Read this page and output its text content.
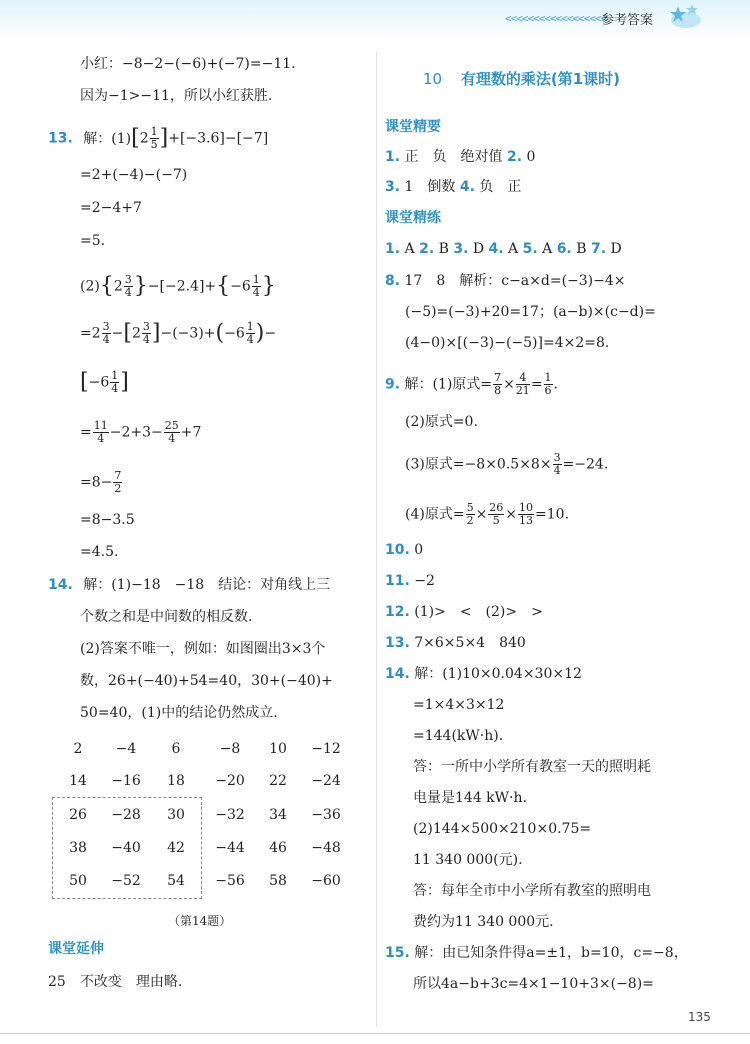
<<<<<<<<<<<<<<<<<<
参考答案
小红：−8−2−(−6)+(−7)=−11.
因为−1>−11，所以小红获胜.
13. 解：$(1)[2 \frac{1}{5} ]+[-3.6]-[-7]$
=2+(−4)−(−7)
=2−4+7
=5.
$(2)\{2 \frac{3}{4} \}-[-2.4]+\{-6 \frac{1}{4}$ }
$=2 \frac{3}{4} -[2 \frac{3}{4} ]-(-3)+(-6 \frac{1}{4}$ )−
[$-6 \frac{1}{4}$ ]
= $\frac{11}{4} -2+3- \frac{25}{4} +7$
$=8- \frac{7}{2}$
=8−3.5
=4.5.
14. 解：(1)−18　−18　结论：对角线上三
个数之和是中间数的相反数.
(2)答案不唯一，例如：如图圈出3×3个
数，26+(−40)+54=40，30+(−40)+
50=40，(1)中的结论仍然成立.
2	−4	6	−8	10	−12
14	−16	18	−20	22	−24
26	−28	30	−32	34	−36
38	−40	42	−44	46	−48
50	−52	54	−56	58	−60
（第14题）
课堂延伸
25　不改变　理由略.
10 有理数的乘法(第1课时)
课堂精要
1. 正　负　绝对值 2. 0
3. 1　倒数 4. 负　正
课堂精练
1. A 2. B 3. D 4. A 5. A 6. B 7. D
8. 17　8　解析：c−a×d=(−3)−4×
(−5)=(−3)+20=17；(a−b)×(c−d)=
(4−0)×[(−3)−(−5)]=4×2=8.
9. 解：(1)原式= $\frac{7}{8} \times \frac{4}{21} = \frac{1}{6}$ .
(2)原式=0.
(3)原式$=-8\times 0.5\times 8\times \frac{3}{4} =-24$.
(4)原式= $\frac{5}{2} \times \frac{26}{5} \times \frac{10}{13} =10$.
10. 0
11. −2
12. (1)>　<　(2)>　>
13. 7×6×5×4　840
14. 解：(1)10×0.04×30×12
=1×4×3×12
=144(kW·h).
答：一所中小学所有教室一天的照明耗
电量是144 kW·h.
(2)144×500×210×0.75=
11 340 000(元).
答：每年全市中小学所有教室的照明电
费约为11 340 000元.
15. 解：由已知条件得a=±1，b=10，c=−8，
所以4a−b+3c=4×1−10+3×(−8)=
135
